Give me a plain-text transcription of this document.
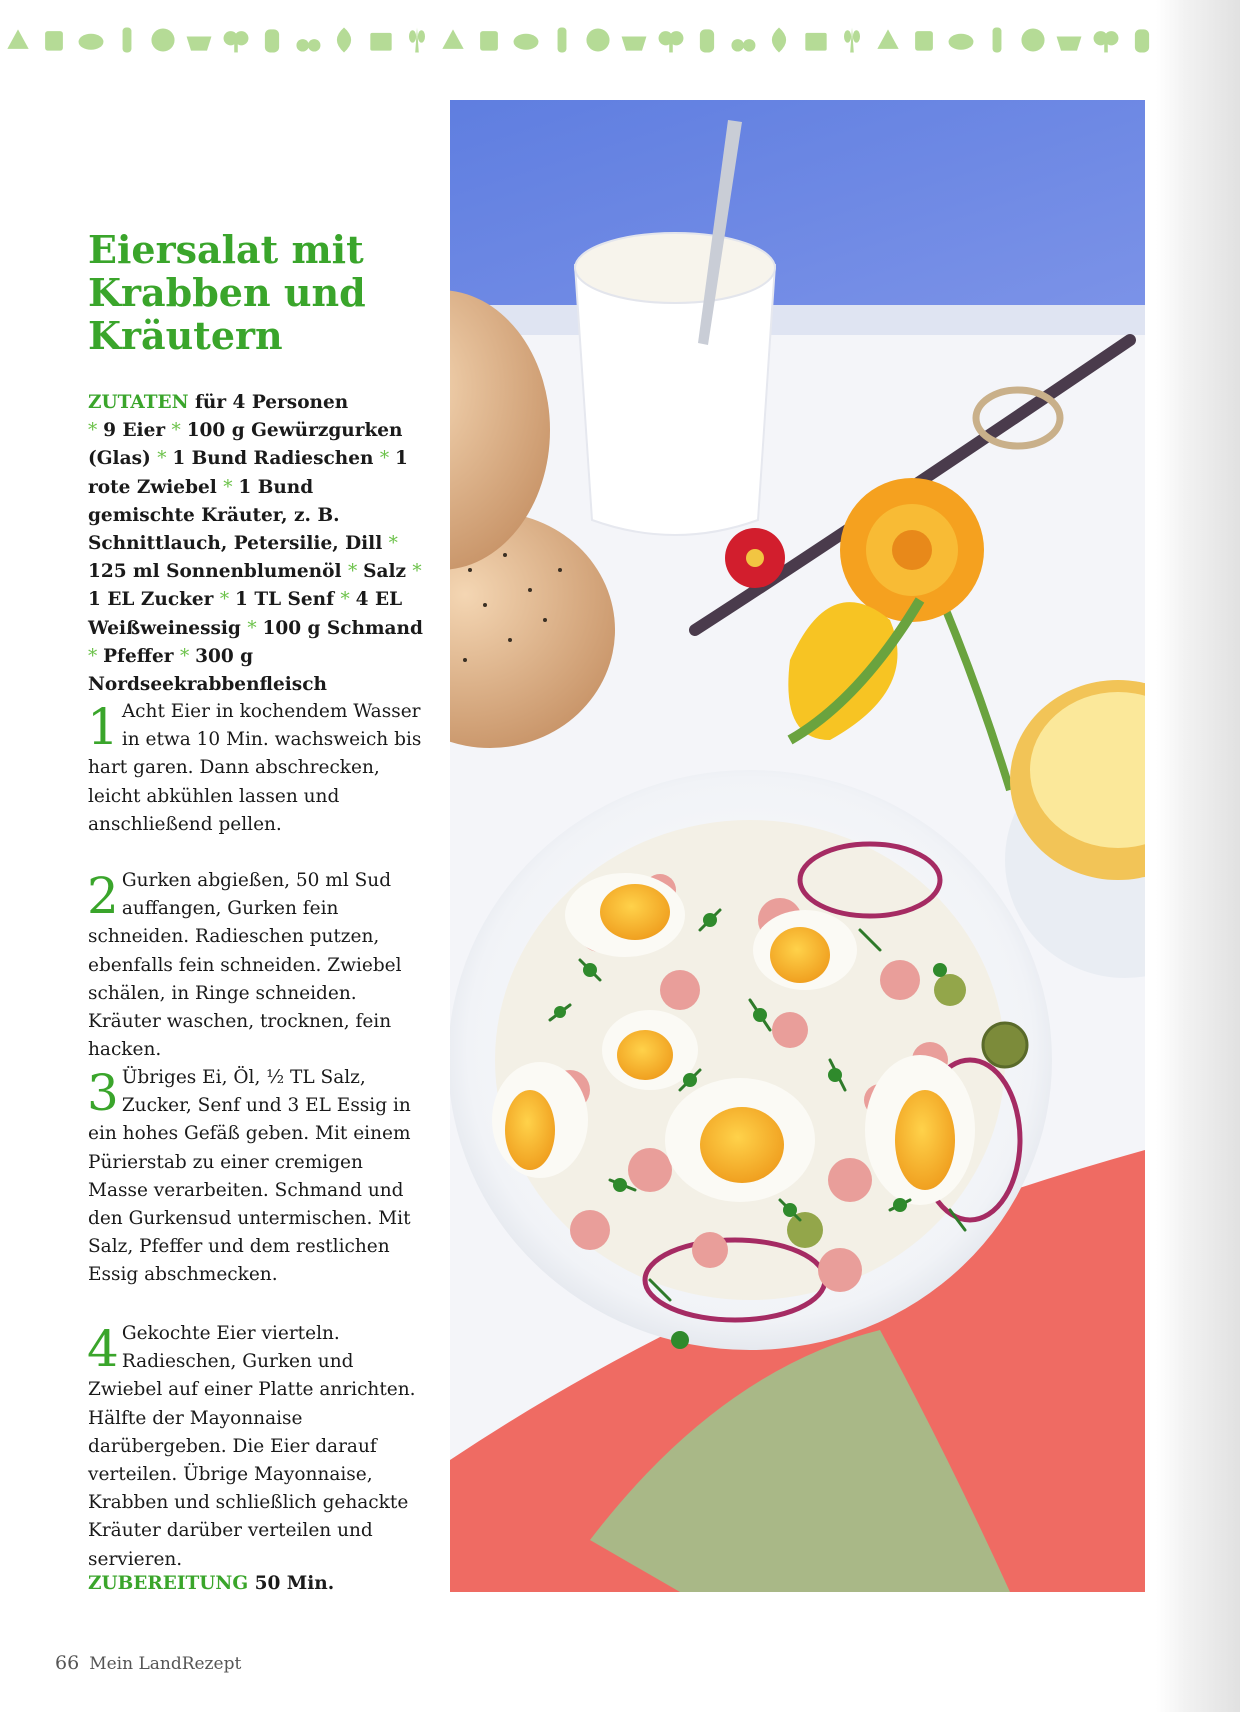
Eiersalat mit Krabben und Kräutern
ZUTATEN für 4 Personen
* 9 Eier * 100 g Gewürzgurken (Glas) * 1 Bund Radieschen * 1 rote Zwiebel * 1 Bund gemischte Kräuter, z. B. Schnittlauch, Petersilie, Dill * 125 ml Sonnenblumenöl * Salz * 1 EL Zucker * 1 TL Senf * 4 EL Weißweinessig * 100 g Schmand * Pfeffer * 300 g Nordseekrabbenfleisch
1 Acht Eier in kochendem Wasser in etwa 10 Min. wachsweich bis hart garen. Dann abschrecken, leicht abkühlen lassen und anschließend pellen.
2 Gurken abgießen, 50 ml Sud auffangen, Gurken fein schneiden. Radieschen putzen, ebenfalls fein schneiden. Zwiebel schälen, in Ringe schneiden. Kräuter waschen, trocknen, fein hacken.
3 Übriges Ei, Öl, ½ TL Salz, Zucker, Senf und 3 EL Essig in ein hohes Gefäß geben. Mit einem Pürierstab zu einer cremigen Masse verarbeiten. Schmand und den Gurkensud untermischen. Mit Salz, Pfeffer und dem restlichen Essig abschmecken.
4 Gekochte Eier vierteln. Radieschen, Gurken und Zwiebel auf einer Platte anrichten. Hälfte der Mayonnaise darübergeben. Die Eier darauf verteilen. Übrige Mayonnaise, Krabben und schließlich gehackte Kräuter darüber verteilen und servieren.
ZUBEREITUNG 50 Min.
66 Mein LandRezept
